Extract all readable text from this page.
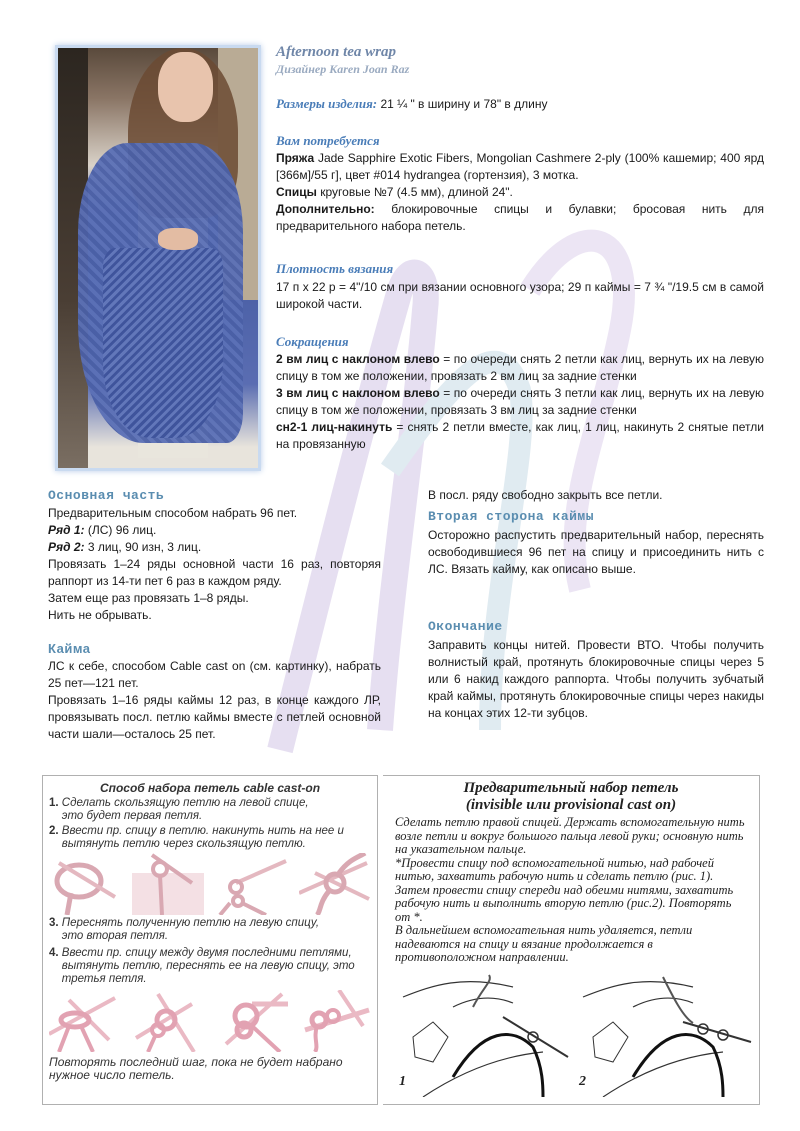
Afternoon tea wrap
Дизайнер Karen Joan Raz
Размеры изделия: 21 ¼ " в ширину и 78" в длину
Вам потребуется
Пряжа Jade Sapphire Exotic Fibers, Mongolian Cashmere 2-ply (100% кашемир; 400 ярд [366м]/55 г], цвет #014 hydrangea (гортензия), 3 мотка.
Спицы круговые №7 (4.5 мм), длиной 24".
Дополнительно: блокировочные спицы и булавки; бросовая нить для предварительного набора петель.
Плотность вязания
17 п х 22 р = 4"/10 см при вязании основного узора; 29 п каймы = 7 ¾ "/19.5 см в самой широкой части.
Сокращения
2 вм лиц с наклоном влево = по очереди снять 2 петли как лиц, вернуть их на левую спицу в том же положении, провязать 2 вм лиц за задние стенки
3 вм лиц с наклоном влево = по очереди снять 3 петли как лиц, вернуть их на левую спицу в том же положении, провязать 3 вм лиц за задние стенки
сн2-1 лиц-накинуть = снять 2 петли вместе, как лиц, 1 лиц, накинуть 2 снятые петли на провязанную
Основная часть
Предварительным способом набрать 96 пет.
Ряд 1: (ЛС) 96 лиц.
Ряд 2: 3 лиц, 90 изн, 3 лиц.
Провязать 1–24 ряды основной части 16 раз, повторяя раппорт из 14-ти пет 6 раз в каждом ряду.
Затем еще раз провязать 1–8 ряды.
Нить не обрывать.
Кайма
ЛС к себе, способом Cable cast on (см. картинку), набрать 25 пет—121 пет.
Провязать 1–16 ряды каймы 12 раз, в конце каждого ЛР, провязывать посл. петлю каймы вместе с петлей основной части шали—осталось 25 пет.
В посл. ряду свободно закрыть все петли.
Вторая сторона каймы
Осторожно распустить предварительный набор, переснять освободившиеся 96 пет на спицу и присоединить нить с ЛС. Вязать кайму, как описано выше.
Окончание
Заправить концы нитей. Провести ВТО. Чтобы получить волнистый край, протянуть блокировочные спицы через 5 или 6 накид каждого раппорта. Чтобы получить зубчатый край каймы, протянуть блокировочные спицы через накиды на концах этих 12-ти зубцов.
Способ набора петель cable cast-on
1.
Сделать скользящую петлю на левой спице, это будет первая петля.
2.
Ввести пр. спицу в петлю. накинуть нить на нее и вытянуть петлю через скользящую петлю.
3.
Переснять полученную петлю на левую спицу, это вторая петля.
4.
Ввести пр. спицу между двумя последними петлями, вытянуть петлю, переснять ее на левую спицу, это третья петля.
Повторять последний шаг, пока не будет набрано нужное число петель.
Предварительный набор петель
(invisible или provisional cast on)
Сделать петлю правой спицей. Держать вспомогательную нить возле петли и вокруг большого пальца левой руки; основную нить на указательном пальце.
*Провести спицу под вспомогательной нитью, над рабочей нитью, захватить рабочую нить и сделать петлю (рис. 1). Затем провести спицу спереди над обеими нитями, захватить рабочую нить и выполнить вторую петлю (рис.2). Повторять от *.
В дальнейшем вспомогательная нить удаляется, петли надеваются на спицу и вязание продолжается в противоположном направлении.
1	2
